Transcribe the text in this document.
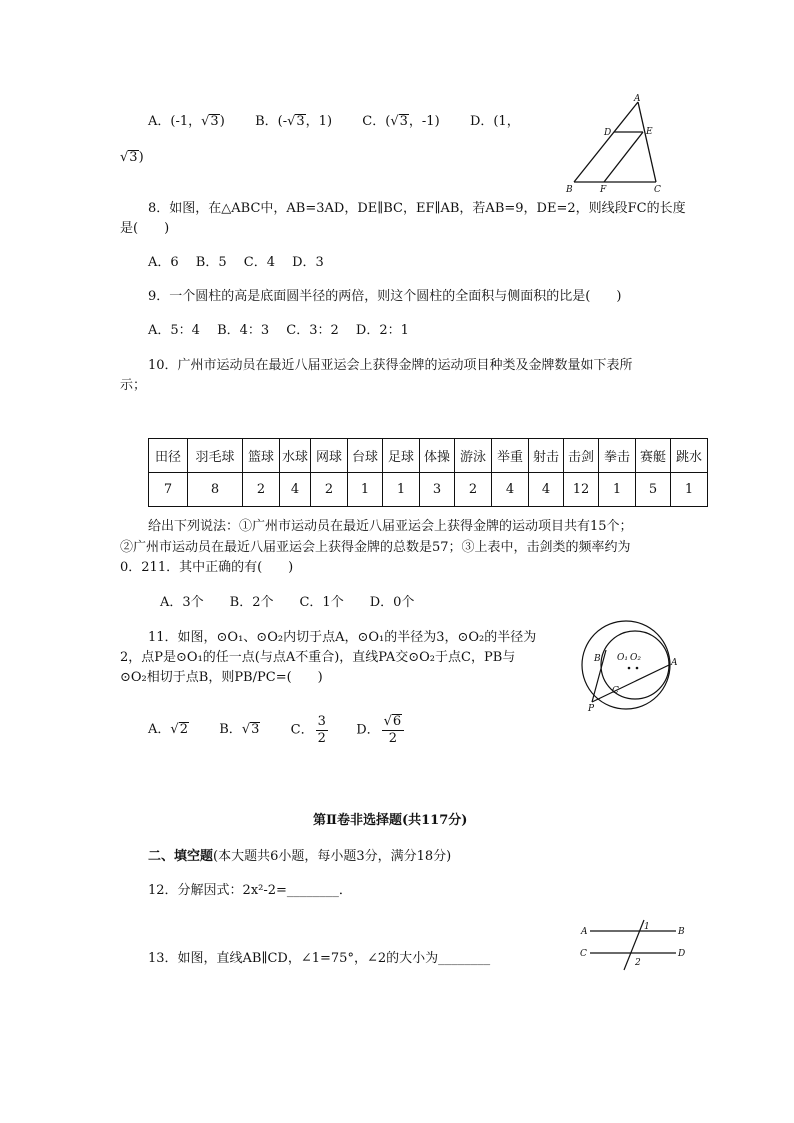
A．(-1，√3) B．(-√3，1) C．(√3，-1) D．(1，
√3)
A
D	E
B	F	C
8．如图，在△ABC中，AB=3AD，DE∥BC，EF∥AB，若AB=9，DE=2，则线段FC的长度
是(　　)
A．6　 B．5　 C．4　 D．3
9．一个圆柱的高是底面圆半径的两倍，则这个圆柱的全面积与侧面积的比是(　　)
A．5：4　 B．4：3　 C．3：2　 D．2：1
10．广州市运动员在最近八届亚运会上获得金牌的运动项目种类及金牌数量如下表所
示；
田径	羽毛球	篮球	水球	网球	台球	足球	体操	游泳	举重	射击	击剑	拳击	赛艇	跳水
7	8	2	4	2	1	1	3	2	4	4	12	1	5	1
给出下列说法：①广州市运动员在最近八届亚运会上获得金牌的运动项目共有15个；
②广州市运动员在最近八届亚运会上获得金牌的总数是57；③上表中，击剑类的频率约为
0．211．其中正确的有(　　)
A．3个　　B．2个　　C．1个　　D．0个
11．如图，⊙O₁、⊙O₂内切于点A，⊙O₁的半径为3，⊙O₂的半径为
2，点P是⊙O₁的任一点(与点A不重合)，直线PA交⊙O₂于点C，PB与
⊙O₂相切于点B，则PB/PC=(　　)
B O₁ O₂	A
C
P
A．√2 B．√3 C． $\frac{3}{2}$ D． $\frac{√6}{2}$
第Ⅱ卷非选择题(共117分)
二、填空题(本大题共6小题，每小题3分，满分18分)
12．分解因式：2x²-2=________．
A	B
C	D
1
2
13．如图，直线AB∥CD，∠1=75°，∠2的大小为________
